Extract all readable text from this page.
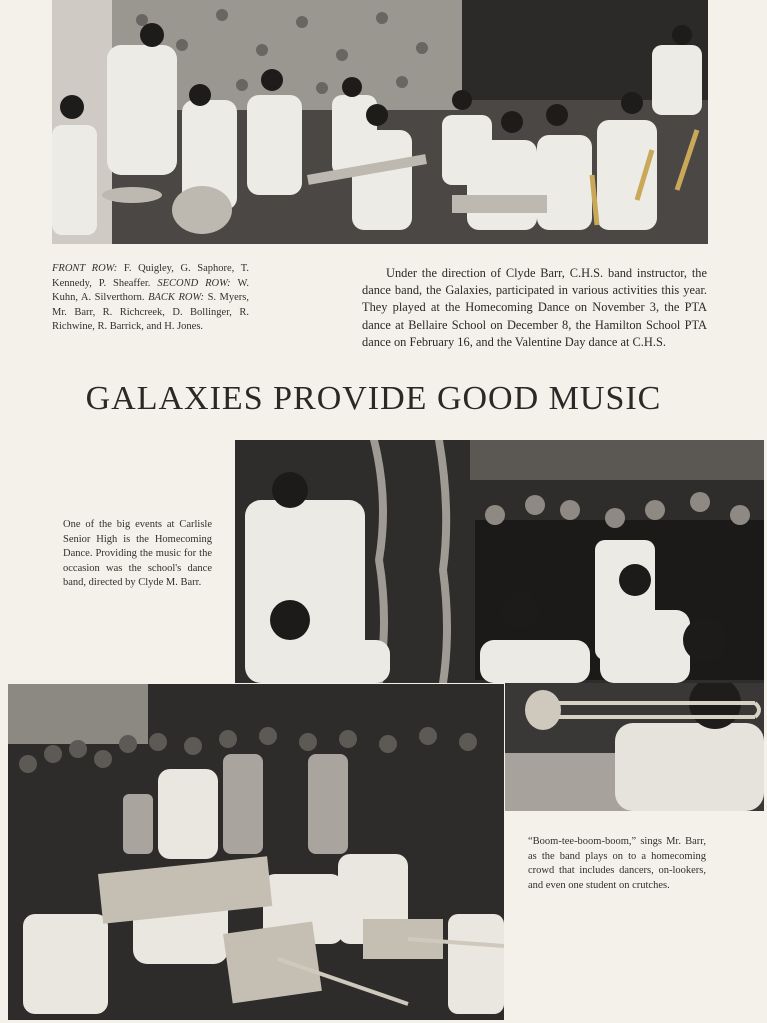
FRONT ROW: F. Quigley, G. Saphore, T. Kennedy, P. Sheaffer. SECOND ROW: W. Kuhn, A. Silverthorn. BACK ROW: S. Myers, Mr. Barr, R. Richcreek, D. Bollinger, R. Richwine, R. Barrick, and H. Jones.
Under the direction of Clyde Barr, C.H.S. band instructor, the dance band, the Galaxies, participated in various activities this year. They played at the Homecoming Dance on November 3, the PTA dance at Bellaire School on December 8, the Hamilton School PTA dance on February 16, and the Valentine Day dance at C.H.S.
GALAXIES PROVIDE GOOD MUSIC
One of the big events at Carlisle Senior High is the Homecoming Dance. Providing the music for the occasion was the school's dance band, directed by Clyde M. Barr.
“Boom-tee-boom-boom,” sings Mr. Barr, as the band plays on to a homecoming crowd that includes dancers, on-lookers, and even one student on crutches.
